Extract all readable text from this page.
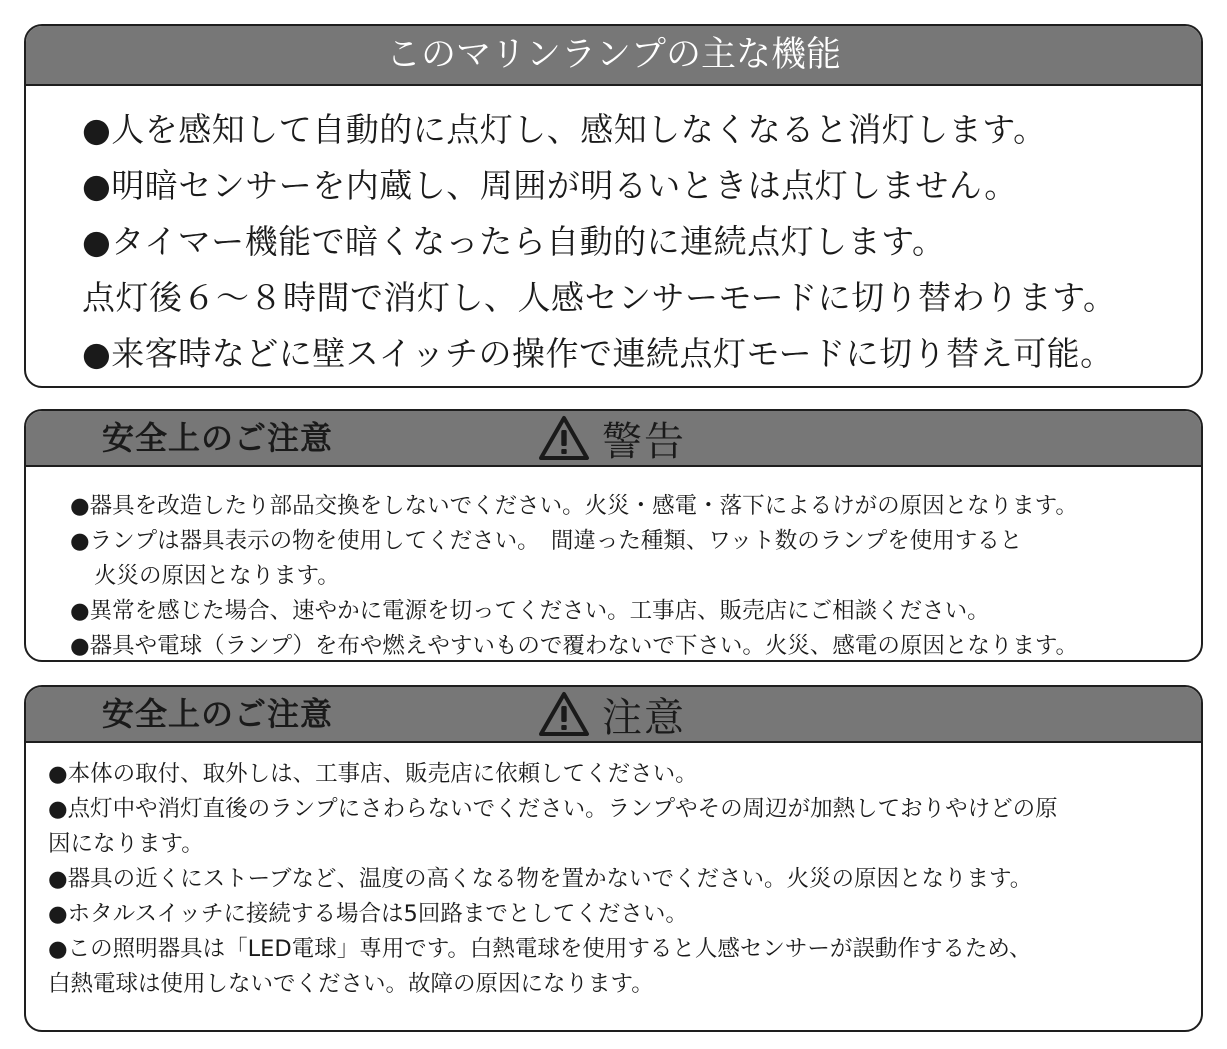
このマリンランプの主な機能
●人を感知して自動的に点灯し、感知しなくなると消灯します。
●明暗センサーを内蔵し、周囲が明るいときは点灯しません。
●タイマー機能で暗くなったら自動的に連続点灯します。
点灯後６～８時間で消灯し、人感センサーモードに切り替わります。
●来客時などに壁スイッチの操作で連続点灯モードに切り替え可能。
安全上のご注意	警告
●器具を改造したり部品交換をしないでください。火災・感電・落下によるけがの原因となります。
●ランプは器具表示の物を使用してください。　間違った種類、ワット数のランプを使用すると
火災の原因となります。
●異常を感じた場合、速やかに電源を切ってください。工事店、販売店にご相談ください。
●器具や電球（ランプ）を布や燃えやすいもので覆わないで下さい。火災、感電の原因となります。
安全上のご注意	注意
●本体の取付、取外しは、工事店、販売店に依頼してください。
●点灯中や消灯直後のランプにさわらないでください。ランプやその周辺が加熱しておりやけどの原
因になります。
●器具の近くにストーブなど、温度の高くなる物を置かないでください。火災の原因となります。
●ホタルスイッチに接続する場合は5回路までとしてください。
●この照明器具は「LED電球」専用です。白熱電球を使用すると人感センサーが誤動作するため、
白熱電球は使用しないでください。故障の原因になります。
